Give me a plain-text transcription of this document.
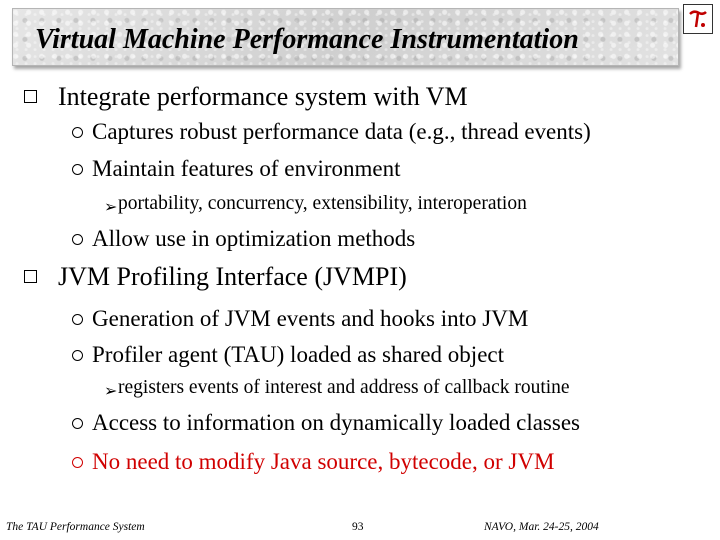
Virtual Machine Performance Instrumentation
Integrate performance system with VM
Captures robust performance data (e.g., thread events)
Maintain features of environment
➢ portability, concurrency, extensibility, interoperation
Allow use in optimization methods
JVM Profiling Interface (JVMPI)
Generation of JVM events and hooks into JVM
Profiler agent (TAU) loaded as shared object
➢ registers events of interest and address of callback routine
Access to information on dynamically loaded classes
No need to modify Java source, bytecode, or JVM
The TAU Performance System	93	NAVO, Mar. 24-25, 2004
